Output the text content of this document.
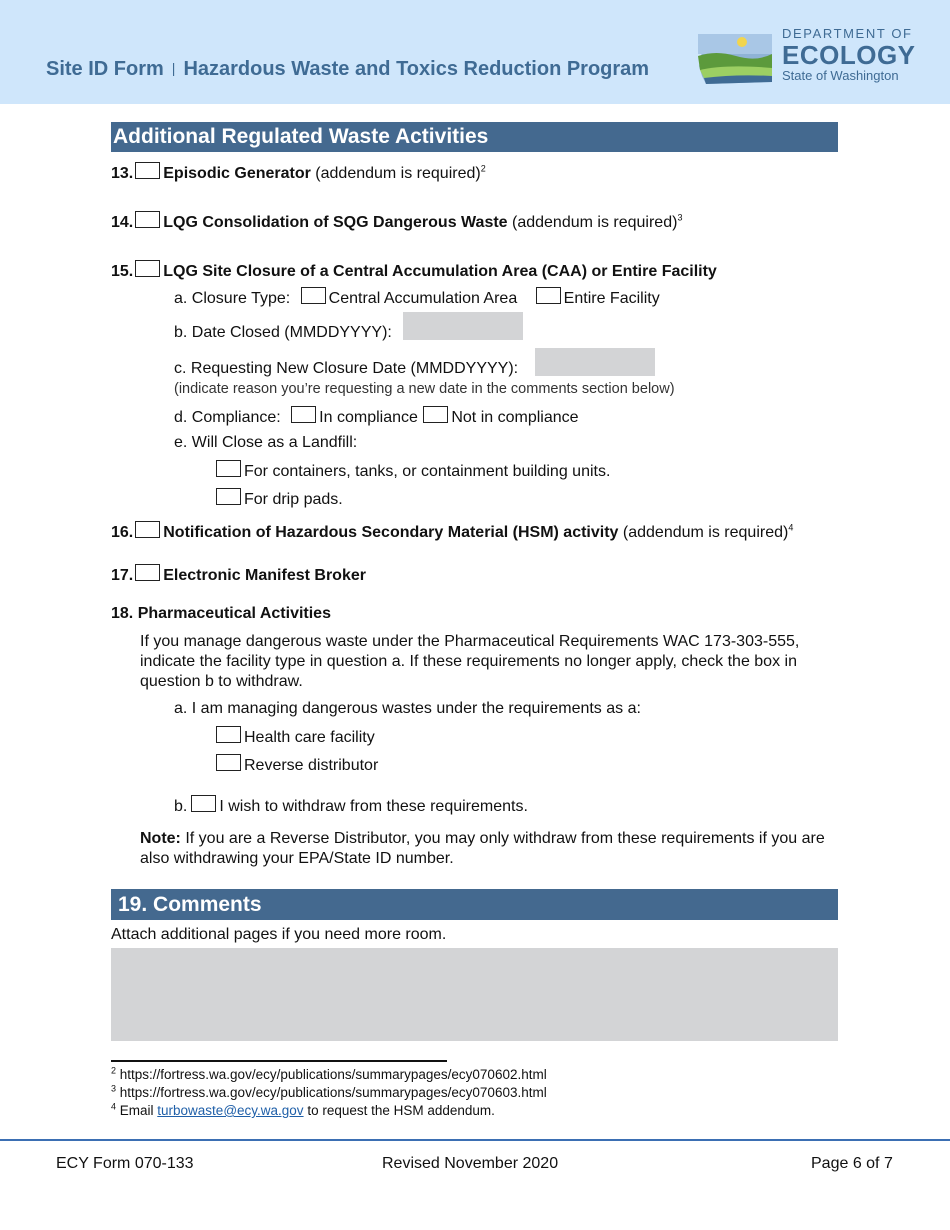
Site ID Form | Hazardous Waste and Toxics Reduction Program
DEPARTMENT OF
ECOLOGY
State of Washington
Additional Regulated Waste Activities
13. Episodic Generator (addendum is required)$^2$
14. LQG Consolidation of SQG Dangerous Waste (addendum is required)$^3$
15. LQG Site Closure of a Central Accumulation Area (CAA) or Entire Facility
a. Closure Type: Central Accumulation Area	Entire Facility
b. Date Closed (MMDDYYYY):
c. Requesting New Closure Date (MMDDYYYY):
(indicate reason you’re requesting a new date in the comments section below)
d. Compliance: In compliance Not in compliance
e. Will Close as a Landfill:
For containers, tanks, or containment building units.
For drip pads.
16. Notification of Hazardous Secondary Material (HSM) activity (addendum is required)$^4$
17. Electronic Manifest Broker
18. Pharmaceutical Activities
If you manage dangerous waste under the Pharmaceutical Requirements WAC 173-303-555,
indicate the facility type in question a. If these requirements no longer apply, check the box in
question b to withdraw.
a. I am managing dangerous wastes under the requirements as a:
Health care facility
Reverse distributor
b. I wish to withdraw from these requirements.
Note: If you are a Reverse Distributor, you may only withdraw from these requirements if you are
also withdrawing your EPA/State ID number.
19. Comments
Attach additional pages if you need more room.
$^2$ https://fortress.wa.gov/ecy/publications/summarypages/ecy070602.html
$^3$ https://fortress.wa.gov/ecy/publications/summarypages/ecy070603.html
$^4$ Email turbowaste@ecy.wa.gov to request the HSM addendum.
ECY Form 070-133	Revised November 2020	Page 6 of 7
